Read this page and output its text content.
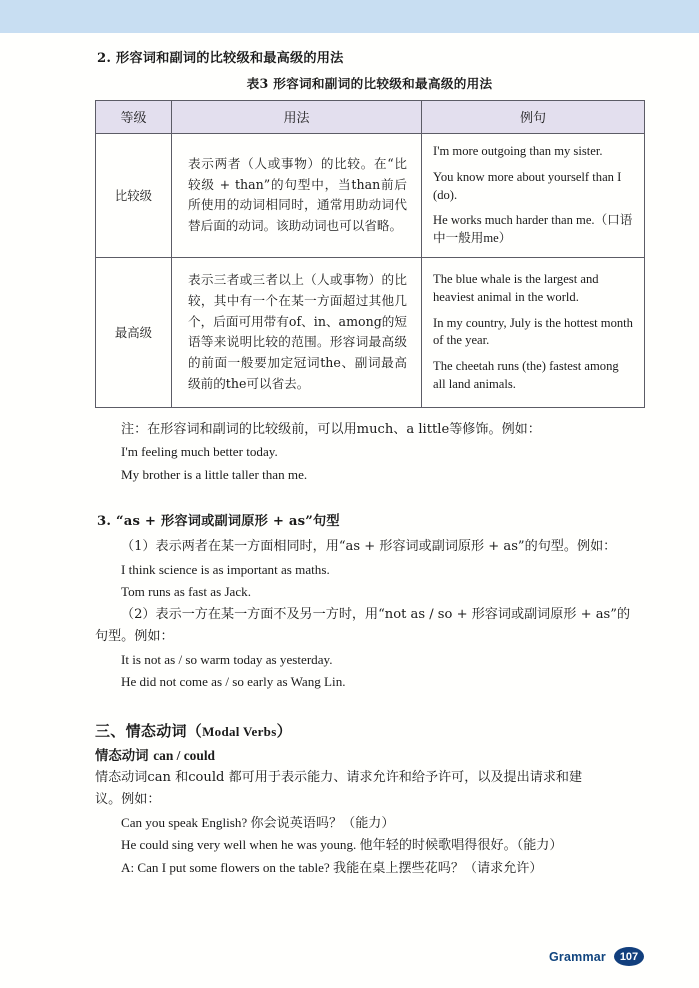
2. 形容词和副词的比较级和最高级的用法
表3 形容词和副词的比较级和最高级的用法
等级	用法	例句
比较级	表示两者（人或事物）的比较。在“比较级 + than”的句型中，当than前后所使用的动词相同时，通常用助动词代替后面的动词。该助动词也可以省略。	I'm more outgoing than my sister.

You know more about yourself than I (do).

He works much harder than me.（口语中一般用me）

最高级	表示三者或三者以上（人或事物）的比较，其中有一个在某一方面超过其他几个，后面可用带有of、in、among的短语等来说明比较的范围。形容词最高级的前面一般要加定冠词the、副词最高级前的the可以省去。	The blue whale is the largest and heaviest animal in the world.

In my country, July is the hottest month of the year.

The cheetah runs (the) fastest among all land animals.

注：在形容词和副词的比较级前，可以用much、a little等修饰。例如：

I'm feeling much better today.

My brother is a little taller than me.

3. “as + 形容词或副词原形 + as”句型

（1）表示两者在某一方面相同时，用“as + 形容词或副词原形 + as”的句型。例如：

I think science is as important as maths.

Tom runs as fast as Jack.

（2）表示一方在某一方面不及另一方时，用“not as / so + 形容词或副词原形 + as”的

句型。例如：

It is not as / so warm today as yesterday.

He did not come as / so early as Wang Lin.

三、情态动词（Modal Verbs）
情态动词 can / could

情态动词can 和could 都可用于表示能力、请求允许和给予许可，以及提出请求和建

议。例如：

Can you speak English? 你会说英语吗？（能力）

He could sing very well when he was young. 他年轻的时候歌唱得很好。（能力）

A: Can I put some flowers on the table? 我能在桌上摆些花吗？（请求允许）

Grammar	107
